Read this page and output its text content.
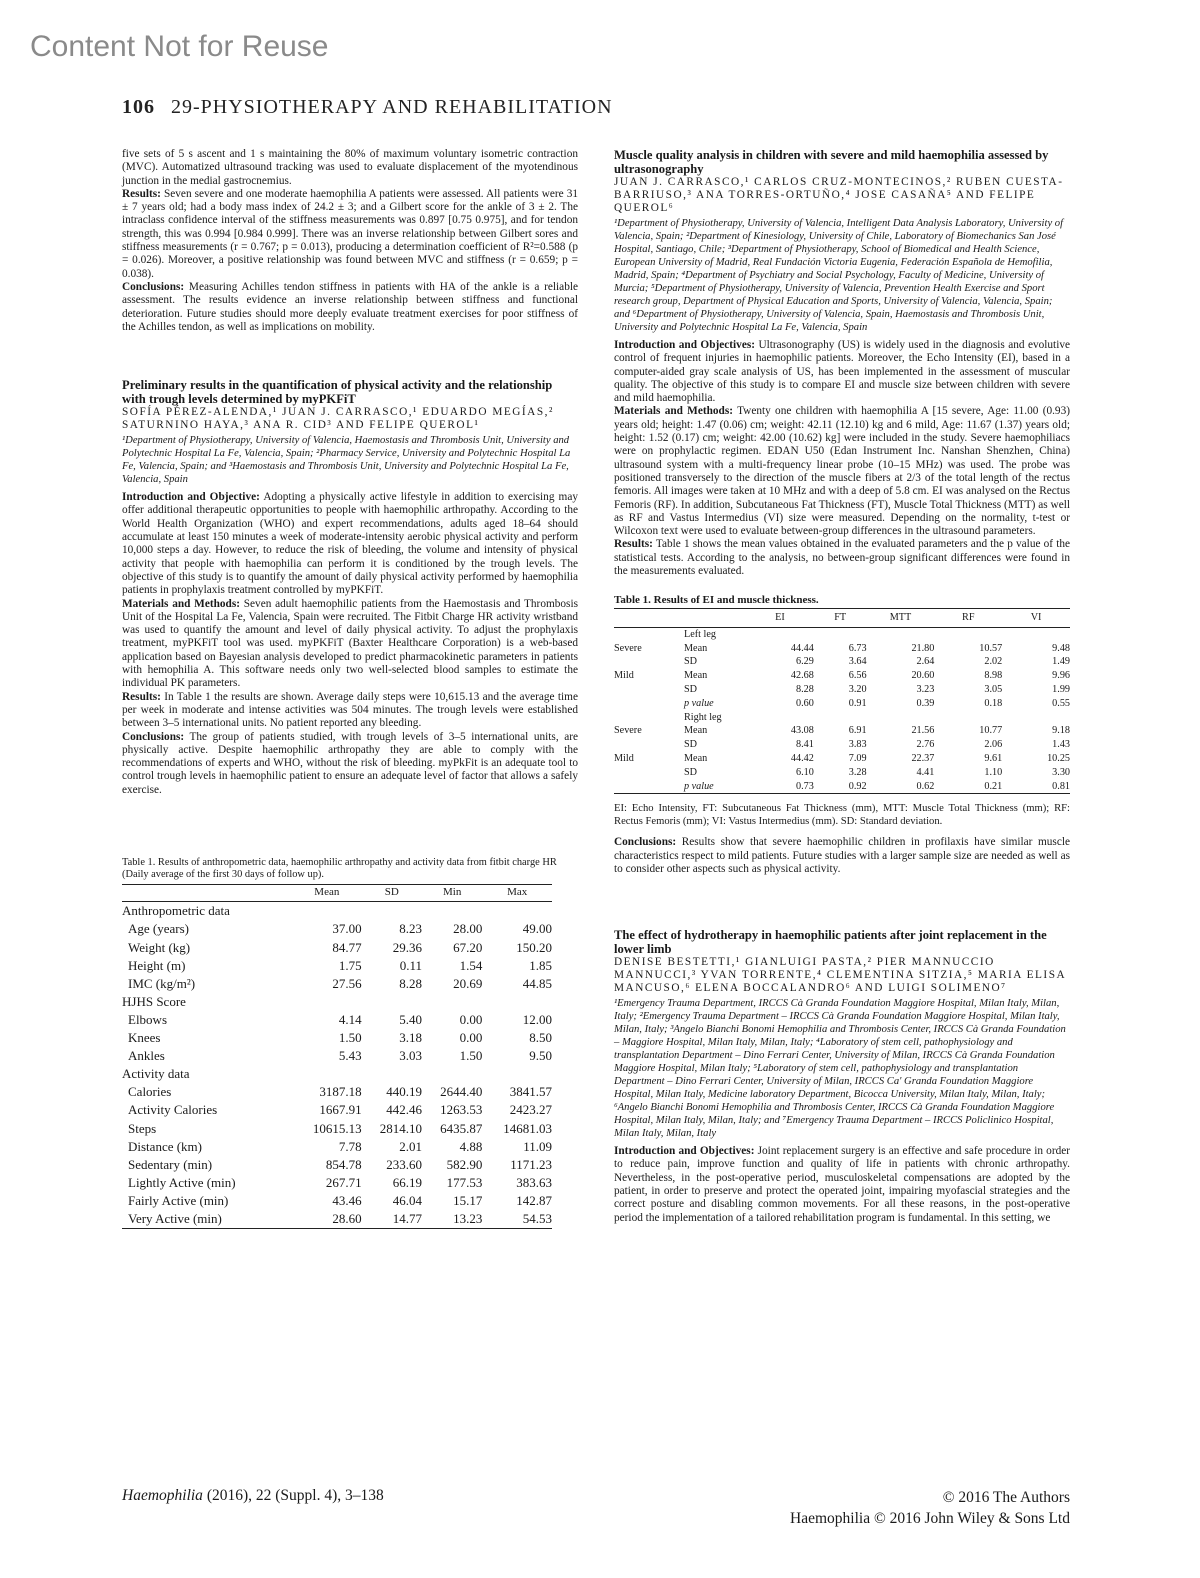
Content Not for Reuse
106 29-PHYSIOTHERAPY AND REHABILITATION

five sets of 5 s ascent and 1 s maintaining the 80% of maximum voluntary isometric contraction (MVC). Automatized ultrasound tracking was used to evaluate displacement of the myotendinous junction in the medial gastrocnemius.

Results: Seven severe and one moderate haemophilia A patients were assessed. All patients were 31 ± 7 years old; had a body mass index of 24.2 ± 3; and a Gilbert score for the ankle of 3 ± 2. The intraclass confidence interval of the stiffness measurements was 0.897 [0.75 0.975], and for tendon strength, this was 0.994 [0.984 0.999]. There was an inverse relationship between Gilbert sores and stiffness measurements (r = 0.767; p = 0.013), producing a determination coefficient of R²=0.588 (p = 0.026). Moreover, a positive relationship was found between MVC and stiffness (r = 0.659; p = 0.038).

Conclusions: Measuring Achilles tendon stiffness in patients with HA of the ankle is a reliable assessment. The results evidence an inverse relationship between stiffness and functional deterioration. Future studies should more deeply evaluate treatment exercises for poor stiffness of the Achilles tendon, as well as implications on mobility.

Preliminary results in the quantification of physical activity and the relationship with trough levels determined by myPKFiT
SOFÍA PÉREZ-ALENDA,¹ JUAN J. CARRASCO,¹ EDUARDO MEGÍAS,² SATURNINO HAYA,³ ANA R. CID³ AND FELIPE QUEROL¹
¹Department of Physiotherapy, University of Valencia, Haemostasis and Thrombosis Unit, University and Polytechnic Hospital La Fe, Valencia, Spain; ²Pharmacy Service, University and Polytechnic Hospital La Fe, Valencia, Spain; and ³Haemostasis and Thrombosis Unit, University and Polytechnic Hospital La Fe, Valencia, Spain

Introduction and Objective: Adopting a physically active lifestyle in addition to exercising may offer additional therapeutic opportunities to people with haemophilic arthropathy. According to the World Health Organization (WHO) and expert recommendations, adults aged 18–64 should accumulate at least 150 minutes a week of moderate-intensity aerobic physical activity and perform 10,000 steps a day. However, to reduce the risk of bleeding, the volume and intensity of physical activity that people with haemophilia can perform it is conditioned by the trough levels. The objective of this study is to quantify the amount of daily physical activity performed by haemophilia patients in prophylaxis treatment controlled by myPKFiT.

Materials and Methods: Seven adult haemophilic patients from the Haemostasis and Thrombosis Unit of the Hospital La Fe, Valencia, Spain were recruited. The Fitbit Charge HR activity wristband was used to quantify the amount and level of daily physical activity. To adjust the prophylaxis treatment, myPKFiT tool was used. myPKFiT (Baxter Healthcare Corporation) is a web-based application based on Bayesian analysis developed to predict pharmacokinetic parameters in patients with hemophilia A. This software needs only two well-selected blood samples to estimate the individual PK parameters.

Results: In Table 1 the results are shown. Average daily steps were 10,615.13 and the average time per week in moderate and intense activities was 504 minutes. The trough levels were established between 3–5 international units. No patient reported any bleeding.

Conclusions: The group of patients studied, with trough levels of 3–5 international units, are physically active. Despite haemophilic arthropathy they are able to comply with the recommendations of experts and WHO, without the risk of bleeding. myPkFit is an adequate tool to control trough levels in haemophilic patient to ensure an adequate level of factor that allows a safely exercise.

Table 1. Results of anthropometric data, haemophilic arthropathy and activity data from fitbit charge HR (Daily average of the first 30 days of follow up).
	Mean	SD	Min	Max
Anthropometric data				
Age (years)	37.00	8.23	28.00	49.00
Weight (kg)	84.77	29.36	67.20	150.20
Height (m)	1.75	0.11	1.54	1.85
IMC (kg/m²)	27.56	8.28	20.69	44.85
HJHS Score				
Elbows	4.14	5.40	0.00	12.00
Knees	1.50	3.18	0.00	8.50
Ankles	5.43	3.03	1.50	9.50
Activity data				
Calories	3187.18	440.19	2644.40	3841.57
Activity Calories	1667.91	442.46	1263.53	2423.27
Steps	10615.13	2814.10	6435.87	14681.03
Distance (km)	7.78	2.01	4.88	11.09
Sedentary (min)	854.78	233.60	582.90	1171.23
Lightly Active (min)	267.71	66.19	177.53	383.63
Fairly Active (min)	43.46	46.04	15.17	142.87
Very Active (min)	28.60	14.77	13.23	54.53
Muscle quality analysis in children with severe and mild haemophilia assessed by ultrasonography
JUAN J. CARRASCO,¹ CARLOS CRUZ-MONTECINOS,² RUBEN CUESTA-BARRIUSO,³ ANA TORRES-ORTUÑO,⁴ JOSE CASAÑA⁵ AND FELIPE QUEROL⁶
¹Department of Physiotherapy, University of Valencia, Intelligent Data Analysis Laboratory, University of Valencia, Spain; ²Department of Kinesiology, University of Chile, Laboratory of Biomechanics San José Hospital, Santiago, Chile; ³Department of Physiotherapy, School of Biomedical and Health Science, European University of Madrid, Real Fundación Victoria Eugenia, Federación Española de Hemofilia, Madrid, Spain; ⁴Department of Psychiatry and Social Psychology, Faculty of Medicine, University of Murcia; ⁵Department of Physiotherapy, University of Valencia, Prevention Health Exercise and Sport research group, Department of Physical Education and Sports, University of Valencia, Valencia, Spain; and ⁶Department of Physiotherapy, University of Valencia, Spain, Haemostasis and Thrombosis Unit, University and Polytechnic Hospital La Fe, Valencia, Spain

Introduction and Objectives: Ultrasonography (US) is widely used in the diagnosis and evolutive control of frequent injuries in haemophilic patients. Moreover, the Echo Intensity (EI), based in a computer-aided gray scale analysis of US, has been implemented in the assessment of muscular quality. The objective of this study is to compare EI and muscle size between children with severe and mild haemophilia.

Materials and Methods: Twenty one children with haemophilia A [15 severe, Age: 11.00 (0.93) years old; height: 1.47 (0.06) cm; weight: 42.11 (12.10) kg and 6 mild, Age: 11.67 (1.37) years old; height: 1.52 (0.17) cm; weight: 42.00 (10.62) kg] were included in the study. Severe haemophiliacs were on prophylactic regimen. EDAN U50 (Edan Instrument Inc. Nanshan Shenzhen, China) ultrasound system with a multi-frequency linear probe (10–15 MHz) was used. The probe was positioned transversely to the direction of the muscle fibers at 2/3 of the total length of the rectus femoris. All images were taken at 10 MHz and with a deep of 5.8 cm. EI was analysed on the Rectus Femoris (RF). In addition, Subcutaneous Fat Thickness (FT), Muscle Total Thickness (MTT) as well as RF and Vastus Intermedius (VI) size were measured. Depending on the normality, t-test or Wilcoxon text were used to evaluate between-group differences in the ultrasound parameters.

Results: Table 1 shows the mean values obtained in the evaluated parameters and the p value of the statistical tests. According to the analysis, no between-group significant differences were found in the measurements evaluated.

Table 1. Results of EI and muscle thickness.
		EI	FT	MTT	RF	VI
	Left leg					
Severe	Mean	44.44	6.73	21.80	10.57	9.48
	SD	6.29	3.64	2.64	2.02	1.49
Mild	Mean	42.68	6.56	20.60	8.98	9.96
	SD	8.28	3.20	3.23	3.05	1.99
	p value	0.60	0.91	0.39	0.18	0.55
	Right leg					
Severe	Mean	43.08	6.91	21.56	10.77	9.18
	SD	8.41	3.83	2.76	2.06	1.43
Mild	Mean	44.42	7.09	22.37	9.61	10.25
	SD	6.10	3.28	4.41	1.10	3.30
	p value	0.73	0.92	0.62	0.21	0.81
EI: Echo Intensity, FT: Subcutaneous Fat Thickness (mm), MTT: Muscle Total Thickness (mm); RF: Rectus Femoris (mm); VI: Vastus Intermedius (mm). SD: Standard deviation.

Conclusions: Results show that severe haemophilic children in profilaxis have similar muscle characteristics respect to mild patients. Future studies with a larger sample size are needed as well as to consider other aspects such as physical activity.

The effect of hydrotherapy in haemophilic patients after joint replacement in the lower limb
DENISE BESTETTI,¹ GIANLUIGI PASTA,² PIER MANNUCCIO MANNUCCI,³ YVAN TORRENTE,⁴ CLEMENTINA SITZIA,⁵ MARIA ELISA MANCUSO,⁶ ELENA BOCCALANDRO⁶ AND LUIGI SOLIMENO⁷
¹Emergency Trauma Department, IRCCS Cà Granda Foundation Maggiore Hospital, Milan Italy, Milan, Italy; ²Emergency Trauma Department – IRCCS Cà Granda Foundation Maggiore Hospital, Milan Italy, Milan, Italy; ³Angelo Bianchi Bonomi Hemophilia and Thrombosis Center, IRCCS Cà Granda Foundation – Maggiore Hospital, Milan Italy, Milan, Italy; ⁴Laboratory of stem cell, pathophysiology and transplantation Department – Dino Ferrari Center, University of Milan, IRCCS Cà Granda Foundation Maggiore Hospital, Milan Italy; ⁵Laboratory of stem cell, pathophysiology and transplantation Department – Dino Ferrari Center, University of Milan, IRCCS Ca' Granda Foundation Maggiore Hospital, Milan Italy, Medicine laboratory Department, Bicocca University, Milan Italy, Milan, Italy; ⁶Angelo Bianchi Bonomi Hemophilia and Thrombosis Center, IRCCS Cà Granda Foundation Maggiore Hospital, Milan Italy, Milan, Italy; and ⁷Emergency Trauma Department – IRCCS Policlinico Hospital, Milan Italy, Milan, Italy

Introduction and Objectives: Joint replacement surgery is an effective and safe procedure in order to reduce pain, improve function and quality of life in patients with chronic arthropathy. Nevertheless, in the post-operative period, musculoskeletal compensations are adopted by the patient, in order to preserve and protect the operated joint, impairing myofascial strategies and the correct posture and disabling common movements. For all these reasons, in the post-operative period the implementation of a tailored rehabilitation program is fundamental. In this setting, we

Haemophilia (2016), 22 (Suppl. 4), 3–138	© 2016 The Authors
Haemophilia © 2016 John Wiley & Sons Ltd
